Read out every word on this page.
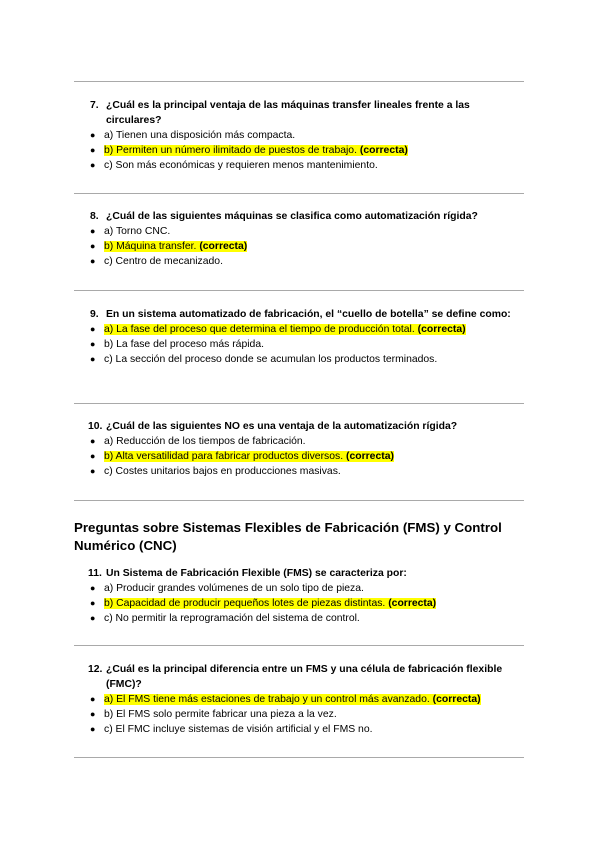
7. ¿Cuál es la principal ventaja de las máquinas transfer lineales frente a las circulares?
● a) Tienen una disposición más compacta.
● b) Permiten un número ilimitado de puestos de trabajo. (correcta)
● c) Son más económicas y requieren menos mantenimiento.
8. ¿Cuál de las siguientes máquinas se clasifica como automatización rígida?
● a) Torno CNC.
● b) Máquina transfer. (correcta)
● c) Centro de mecanizado.
9. En un sistema automatizado de fabricación, el “cuello de botella” se define como:
● a) La fase del proceso que determina el tiempo de producción total. (correcta)
● b) La fase del proceso más rápida.
● c) La sección del proceso donde se acumulan los productos terminados.
10. ¿Cuál de las siguientes NO es una ventaja de la automatización rígida?
● a) Reducción de los tiempos de fabricación.
● b) Alta versatilidad para fabricar productos diversos. (correcta)
● c) Costes unitarios bajos en producciones masivas.
Preguntas sobre Sistemas Flexibles de Fabricación (FMS) y Control Numérico (CNC)
11. Un Sistema de Fabricación Flexible (FMS) se caracteriza por:
● a) Producir grandes volúmenes de un solo tipo de pieza.
● b) Capacidad de producir pequeños lotes de piezas distintas. (correcta)
● c) No permitir la reprogramación del sistema de control.
12. ¿Cuál es la principal diferencia entre un FMS y una célula de fabricación flexible (FMC)?
● a) El FMS tiene más estaciones de trabajo y un control más avanzado. (correcta)
● b) El FMS solo permite fabricar una pieza a la vez.
● c) El FMC incluye sistemas de visión artificial y el FMS no.
